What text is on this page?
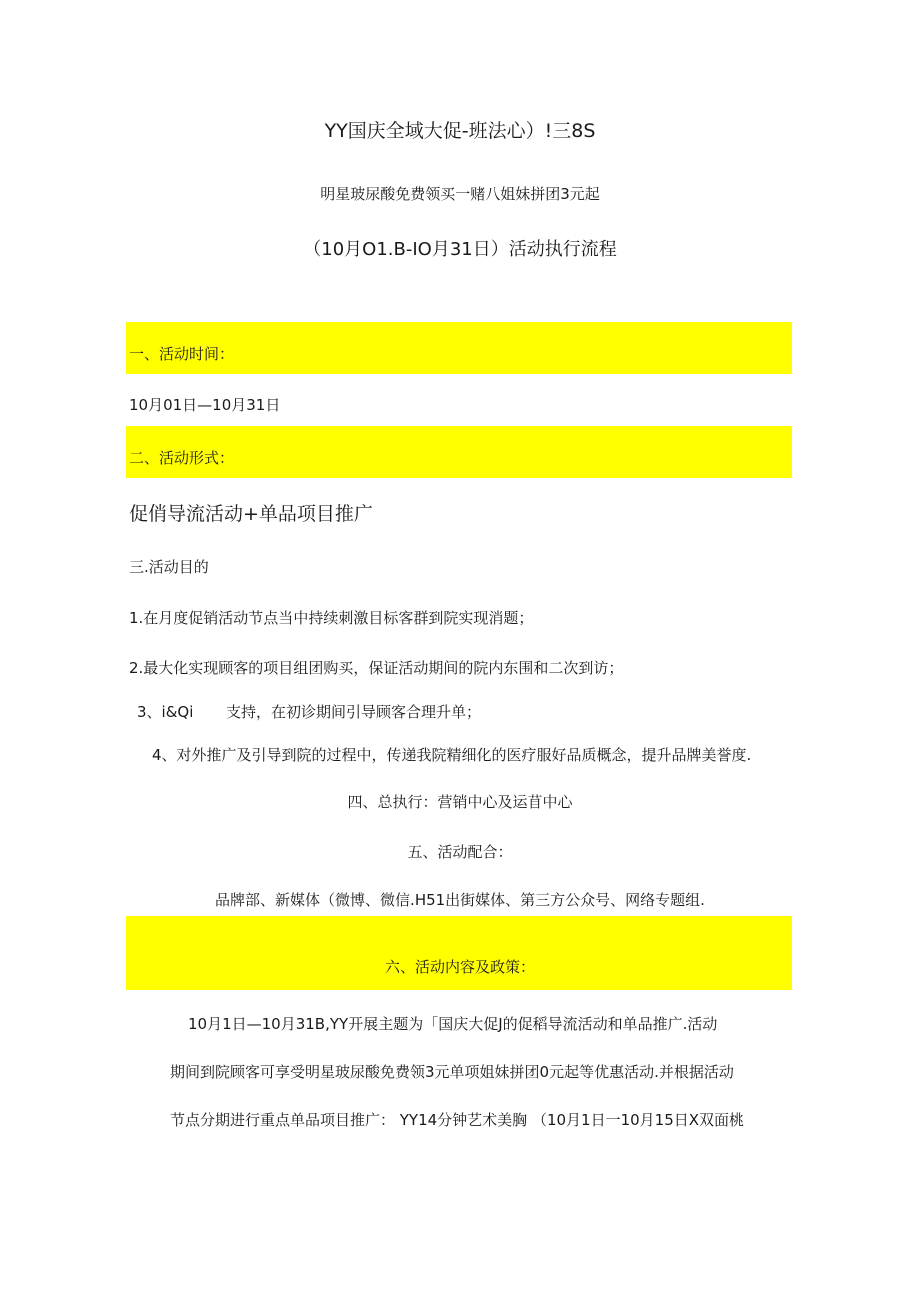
YY国庆全域大促-班法心）!三8S
明星玻尿酸免费领买一赌八姐妹拼团3元起
（10月O1.B-IO月31日）活动执行流程
一、活动时间：
10月01日—10月31日
二、活动形式：
促俏导流活动+单品项目推广
三.活动目的
1.在月度促销活动节点当中持续刺激目标客群到院实现消题；
2.最大化实现顾客的项目组团购买，保证活动期间的院内东围和二次到访；
3、i&Qi 支持，在初诊期间引导顾客合理升单；
4、对外推广及引导到院的过程中，传递我院精细化的医疗服好品质概念，提升品牌美誉度.
四、总执行：营销中心及运苜中心
五、活动配合：
品牌部、新媒体（微博、微信.H51出街媒体、第三方公众号、网络专题组.
六、活动内容及政策：
10月1日—10月31B,YY开展主题为「国庆大促J的促稻导流活动和单品推广.活动
期间到院顾客可享受明星玻尿酸免费领3元单项姐妹拼团0元起等优惠活动.并根据活动
节点分期进行重点单品项目推广： YY14分钟艺术美胸 （10月1日一10月15日X双面桃
